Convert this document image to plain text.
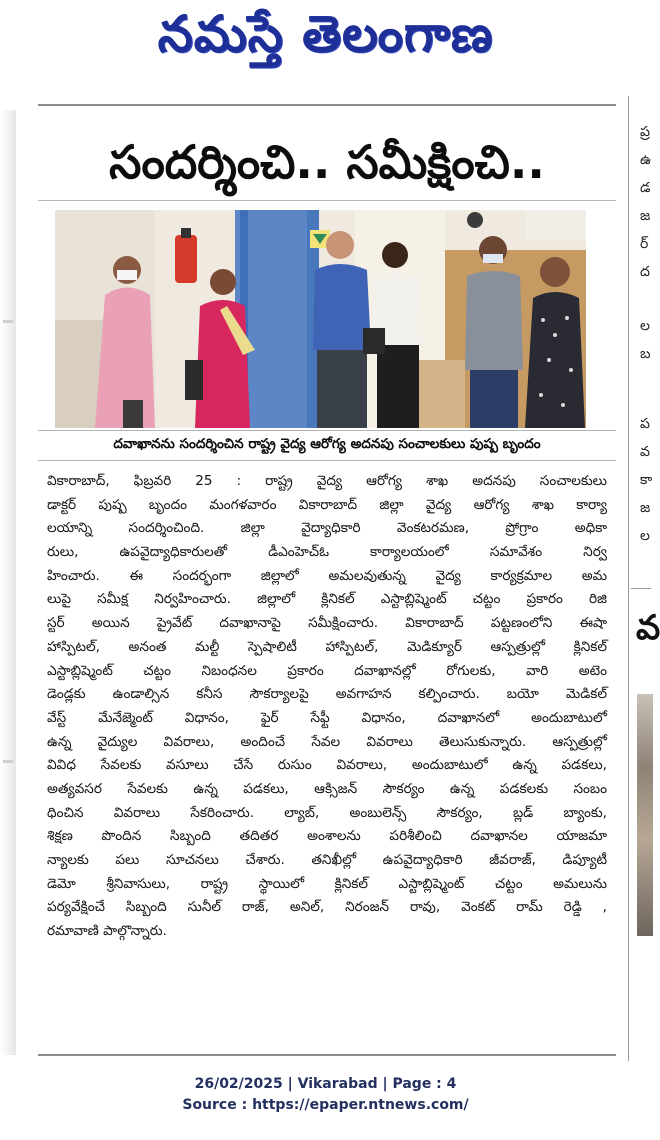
నమస్తే తెలంగాణ
సందర్శించి.. సమీక్షించి..
దవాఖానను సందర్శించిన రాష్ట్ర వైద్య ఆరోగ్య అదనపు సంచాలకులు పుష్ప బృందం
వికారాబాద్, ఫిబ్రవరి 25 : రాష్ట్ర వైద్య ఆరోగ్య శాఖ అదనపు సంచాలకులు
డాక్టర్ పుష్ప బృందం మంగళవారం వికారాబాద్ జిల్లా వైద్య ఆరోగ్య శాఖ కార్యా
లయాన్ని సందర్శించింది. జిల్లా వైద్యాధికారి వెంకటరమణ, ప్రోగ్రాం అధికా
రులు, ఉపవైద్యాధికారులతో డీఎంహెచ్ఓ కార్యాలయంలో సమావేశం నిర్వ
హించారు. ఈ సందర్భంగా జిల్లాలో అమలవుతున్న వైద్య కార్యక్రమాల అమ
లుపై సమీక్ష నిర్వహించారు. జిల్లాలో క్లినికల్ ఎస్టాబ్లిష్మెంట్ చట్టం ప్రకారం రిజి
స్టర్ అయిన ప్రైవేట్ దవాఖానాపై సమీక్షించారు. వికారాబాద్ పట్టణంలోని ఈషా
హాస్పిటల్, అనంత మల్టీ స్పెషాలిటీ హాస్పిటల్, మెడిక్యూర్ ఆస్పత్రుల్లో క్లినికల్
ఎస్టాబ్లిష్మెంట్ చట్టం నిబంధనల ప్రకారం దవాఖానల్లో రోగులకు, వారి అటెం
డెండ్లకు ఉండాల్సిన కనీస సౌకర్యాలపై అవగాహన కల్పించారు. బయో మెడికల్
వేస్ట్ మేనేజ్మెంట్ విధానం, ఫైర్ సేఫ్టీ విధానం, దవాఖానలో అందుబాటులో
ఉన్న వైద్యుల వివరాలు, అందించే సేవల వివరాలు తెలుసుకున్నారు. ఆస్పత్రుల్లో
వివిధ సేవలకు వసూలు చేసే రుసుం వివరాలు, అందుబాటులో ఉన్న పడకలు,
అత్యవసర సేవలకు ఉన్న పడకలు, ఆక్సిజన్ సౌకర్యం ఉన్న పడకలకు సంబం
ధించిన వివరాలు సేకరించారు. ల్యాబ్, అంబులెన్స్ సౌకర్యం, బ్లడ్ బ్యాంకు,
శిక్షణ పొందిన సిబ్బంది తదితర అంశాలను పరిశీలించి దవాఖానల యాజమా
న్యాలకు పలు సూచనలు చేశారు. తనిఖీల్లో ఉపవైద్యాధికారి జీవరాజ్, డిప్యూటీ
డెమో శ్రీనివాసులు, రాష్ట్ర స్థాయిలో క్లినికల్ ఎస్టాబ్లిష్మెంట్ చట్టం అమలును
పర్యవేక్షించే సిబ్బంది సునీల్ రాజ్, అనిల్, నిరంజన్ రావు, వెంకట్ రామ్ రెడ్డి ,
రమావాణి పాల్గొన్నారు.
ప్ర
ఉ
డ
జ
ర్
ద
ల
బ
ప
వ
కా
జ
ల
వ
26/02/2025 | Vikarabad | Page : 4
Source : https://epaper.ntnews.com/
